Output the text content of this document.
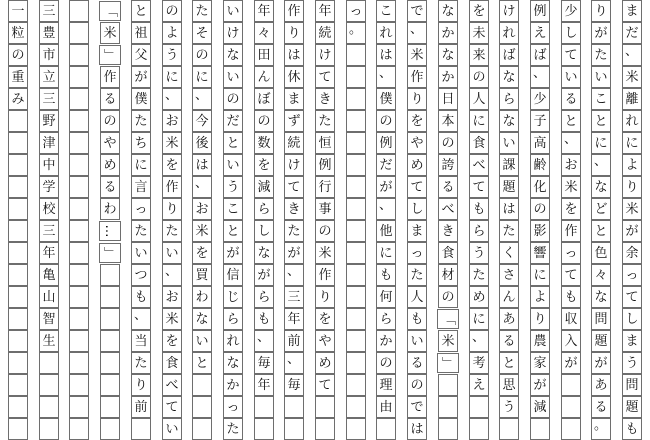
ま
だ
、
米
離
れ
に
よ
り
米
が
余
っ
て
し
ま
う
問
題
も
り
が
た
い
こ
と
に
、
な
ど
と
色
々
な
問
題
が
あ
る
。
少
し
て
い
る
と
、
お
米
を
作
っ
て
も
収
入
が
例
え
ば
、
少
子
高
齢
化
の
影
響
に
よ
り
農
家
が
減
け
れ
ば
な
ら
な
い
課
題
は
た
く
さ
ん
あ
る
と
思
う
を
未
来
の
人
に
食
べ
て
も
ら
う
た
め
に
、
考
え
な
か
な
か
日
本
の
誇
る
べ
き
食
材
の
「
米
」
で
、
米
作
り
を
や
め
て
し
ま
っ
た
人
も
い
る
の
で
は
こ
れ
は
、
僕
の
例
だ
が
、
他
に
も
何
ら
か
の
理
由
っ
。
年
続
け
て
き
た
恒
例
行
事
の
米
作
り
を
や
め
て
作
り
は
休
ま
ず
続
け
て
き
た
が
、
三
年
前
、
毎
年
々
田
ん
ぼ
の
数
を
減
ら
し
な
が
ら
も
、
毎
年
い
け
な
い
の
だ
と
い
う
こ
と
が
信
じ
ら
れ
な
か
っ
た
た
そ
の
に
、
今
後
は
、
お
米
を
買
わ
な
い
と
の
よ
う
に
、
お
米
を
作
り
た
い
、
お
米
を
食
べ
て
い
と
祖
父
が
僕
た
ち
に
言
っ
た
い
つ
も
、
当
た
り
前
「
米
」
作
る
の
や
め
る
わ
…
」
三
豊
市
立
三
野
津
中
学
校
三
年
亀
山
智
生
一
粒
の
重
み
